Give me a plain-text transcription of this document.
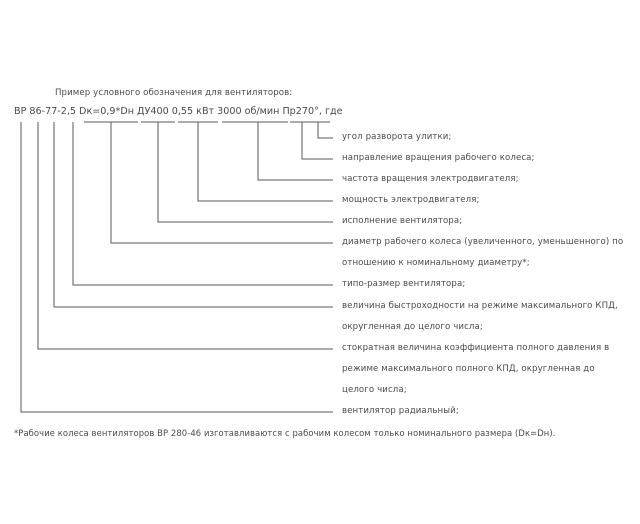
Пример условного обозначения для вентиляторов:
ВР 86-77-2,5 Dк=0,9*Dн ДУ400 0,55 кВт 3000 об/мин Пр270°, где
угол разворота улитки;
направление вращения рабочего колеса;
частота вращения электродвигателя;
мощность электродвигателя;
исполнение вентилятора;
диаметр рабочего колеса (увеличенного, уменьшенного) по
отношению к номинальному диаметру*;
типо-размер вентилятора;
величина быстроходности на режиме максимального КПД,
округленная до целого числа;
стократная величина коэффициента полного давления в
режиме максимального полного КПД, округленная до
целого числа;
вентилятор радиальный;
*Рабочие колеса вентиляторов ВР 280-46 изготавливаются с рабочим колесом только номинального размера (Dк=Dн).
